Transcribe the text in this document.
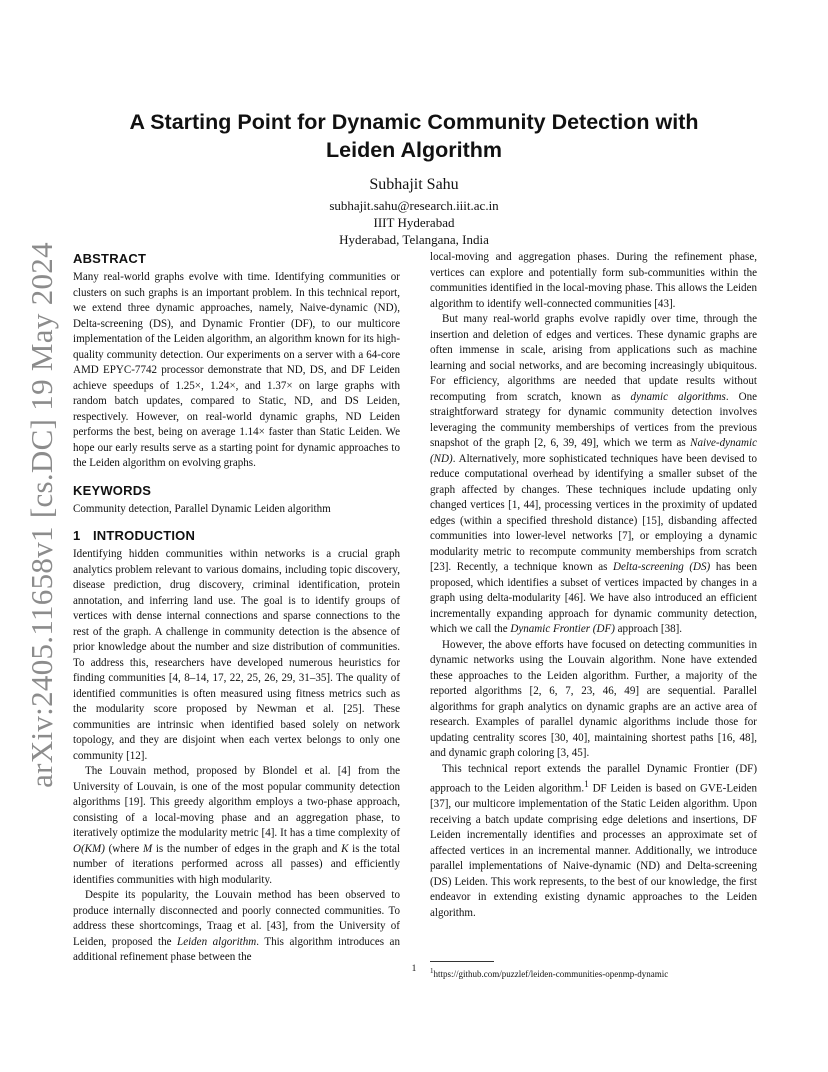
arXiv:2405.11658v1 [cs.DC] 19 May 2024
A Starting Point for Dynamic Community Detection with Leiden Algorithm
Subhajit Sahu
subhajit.sahu@research.iiit.ac.in
IIIT Hyderabad
Hyderabad, Telangana, India
ABSTRACT

Many real-world graphs evolve with time. Identifying communities or clusters on such graphs is an important problem. In this technical report, we extend three dynamic approaches, namely, Naive-dynamic (ND), Delta-screening (DS), and Dynamic Frontier (DF), to our multicore implementation of the Leiden algorithm, an algorithm known for its high-quality community detection. Our experiments on a server with a 64-core AMD EPYC-7742 processor demonstrate that ND, DS, and DF Leiden achieve speedups of 1.25×, 1.24×, and 1.37× on large graphs with random batch updates, compared to Static, ND, and DS Leiden, respectively. However, on real-world dynamic graphs, ND Leiden performs the best, being on average 1.14× faster than Static Leiden. We hope our early results serve as a starting point for dynamic approaches to the Leiden algorithm on evolving graphs.

KEYWORDS

Community detection, Parallel Dynamic Leiden algorithm

1 INTRODUCTION

Identifying hidden communities within networks is a crucial graph analytics problem relevant to various domains, including topic discovery, disease prediction, drug discovery, criminal identification, protein annotation, and inferring land use. The goal is to identify groups of vertices with dense internal connections and sparse connections to the rest of the graph. A challenge in community detection is the absence of prior knowledge about the number and size distribution of communities. To address this, researchers have developed numerous heuristics for finding communities [4, 8–14, 17, 22, 25, 26, 29, 31–35]. The quality of identified communities is often measured using fitness metrics such as the modularity score proposed by Newman et al. [25]. These communities are intrinsic when identified based solely on network topology, and they are disjoint when each vertex belongs to only one community [12].

The Louvain method, proposed by Blondel et al. [4] from the University of Louvain, is one of the most popular community detection algorithms [19]. This greedy algorithm employs a two-phase approach, consisting of a local-moving phase and an aggregation phase, to iteratively optimize the modularity metric [4]. It has a time complexity of O(KM) (where M is the number of edges in the graph and K is the total number of iterations performed across all passes) and efficiently identifies communities with high modularity.

Despite its popularity, the Louvain method has been observed to produce internally disconnected and poorly connected communities. To address these shortcomings, Traag et al. [43], from the University of Leiden, proposed the Leiden algorithm. This algorithm introduces an additional refinement phase between the

local-moving and aggregation phases. During the refinement phase, vertices can explore and potentially form sub-communities within the communities identified in the local-moving phase. This allows the Leiden algorithm to identify well-connected communities [43].

But many real-world graphs evolve rapidly over time, through the insertion and deletion of edges and vertices. These dynamic graphs are often immense in scale, arising from applications such as machine learning and social networks, and are becoming increasingly ubiquitous. For efficiency, algorithms are needed that update results without recomputing from scratch, known as dynamic algorithms. One straightforward strategy for dynamic community detection involves leveraging the community memberships of vertices from the previous snapshot of the graph [2, 6, 39, 49], which we term as Naive-dynamic (ND). Alternatively, more sophisticated techniques have been devised to reduce computational overhead by identifying a smaller subset of the graph affected by changes. These techniques include updating only changed vertices [1, 44], processing vertices in the proximity of updated edges (within a specified threshold distance) [15], disbanding affected communities into lower-level networks [7], or employing a dynamic modularity metric to recompute community memberships from scratch [23]. Recently, a technique known as Delta-screening (DS) has been proposed, which identifies a subset of vertices impacted by changes in a graph using delta-modularity [46]. We have also introduced an efficient incrementally expanding approach for dynamic community detection, which we call the Dynamic Frontier (DF) approach [38].

However, the above efforts have focused on detecting communities in dynamic networks using the Louvain algorithm. None have extended these approaches to the Leiden algorithm. Further, a majority of the reported algorithms [2, 6, 7, 23, 46, 49] are sequential. Parallel algorithms for graph analytics on dynamic graphs are an active area of research. Examples of parallel dynamic algorithms include those for updating centrality scores [30, 40], maintaining shortest paths [16, 48], and dynamic graph coloring [3, 45].

This technical report extends the parallel Dynamic Frontier (DF) approach to the Leiden algorithm.$^1$ DF Leiden is based on GVE-Leiden [37], our multicore implementation of the Static Leiden algorithm. Upon receiving a batch update comprising edge deletions and insertions, DF Leiden incrementally identifies and processes an approximate set of affected vertices in an incremental manner. Additionally, we introduce parallel implementations of Naive-dynamic (ND) and Delta-screening (DS) Leiden. This work represents, to the best of our knowledge, the first endeavor in extending existing dynamic approaches to the Leiden algorithm.

$^1$https://github.com/puzzlef/leiden-communities-openmp-dynamic
1
